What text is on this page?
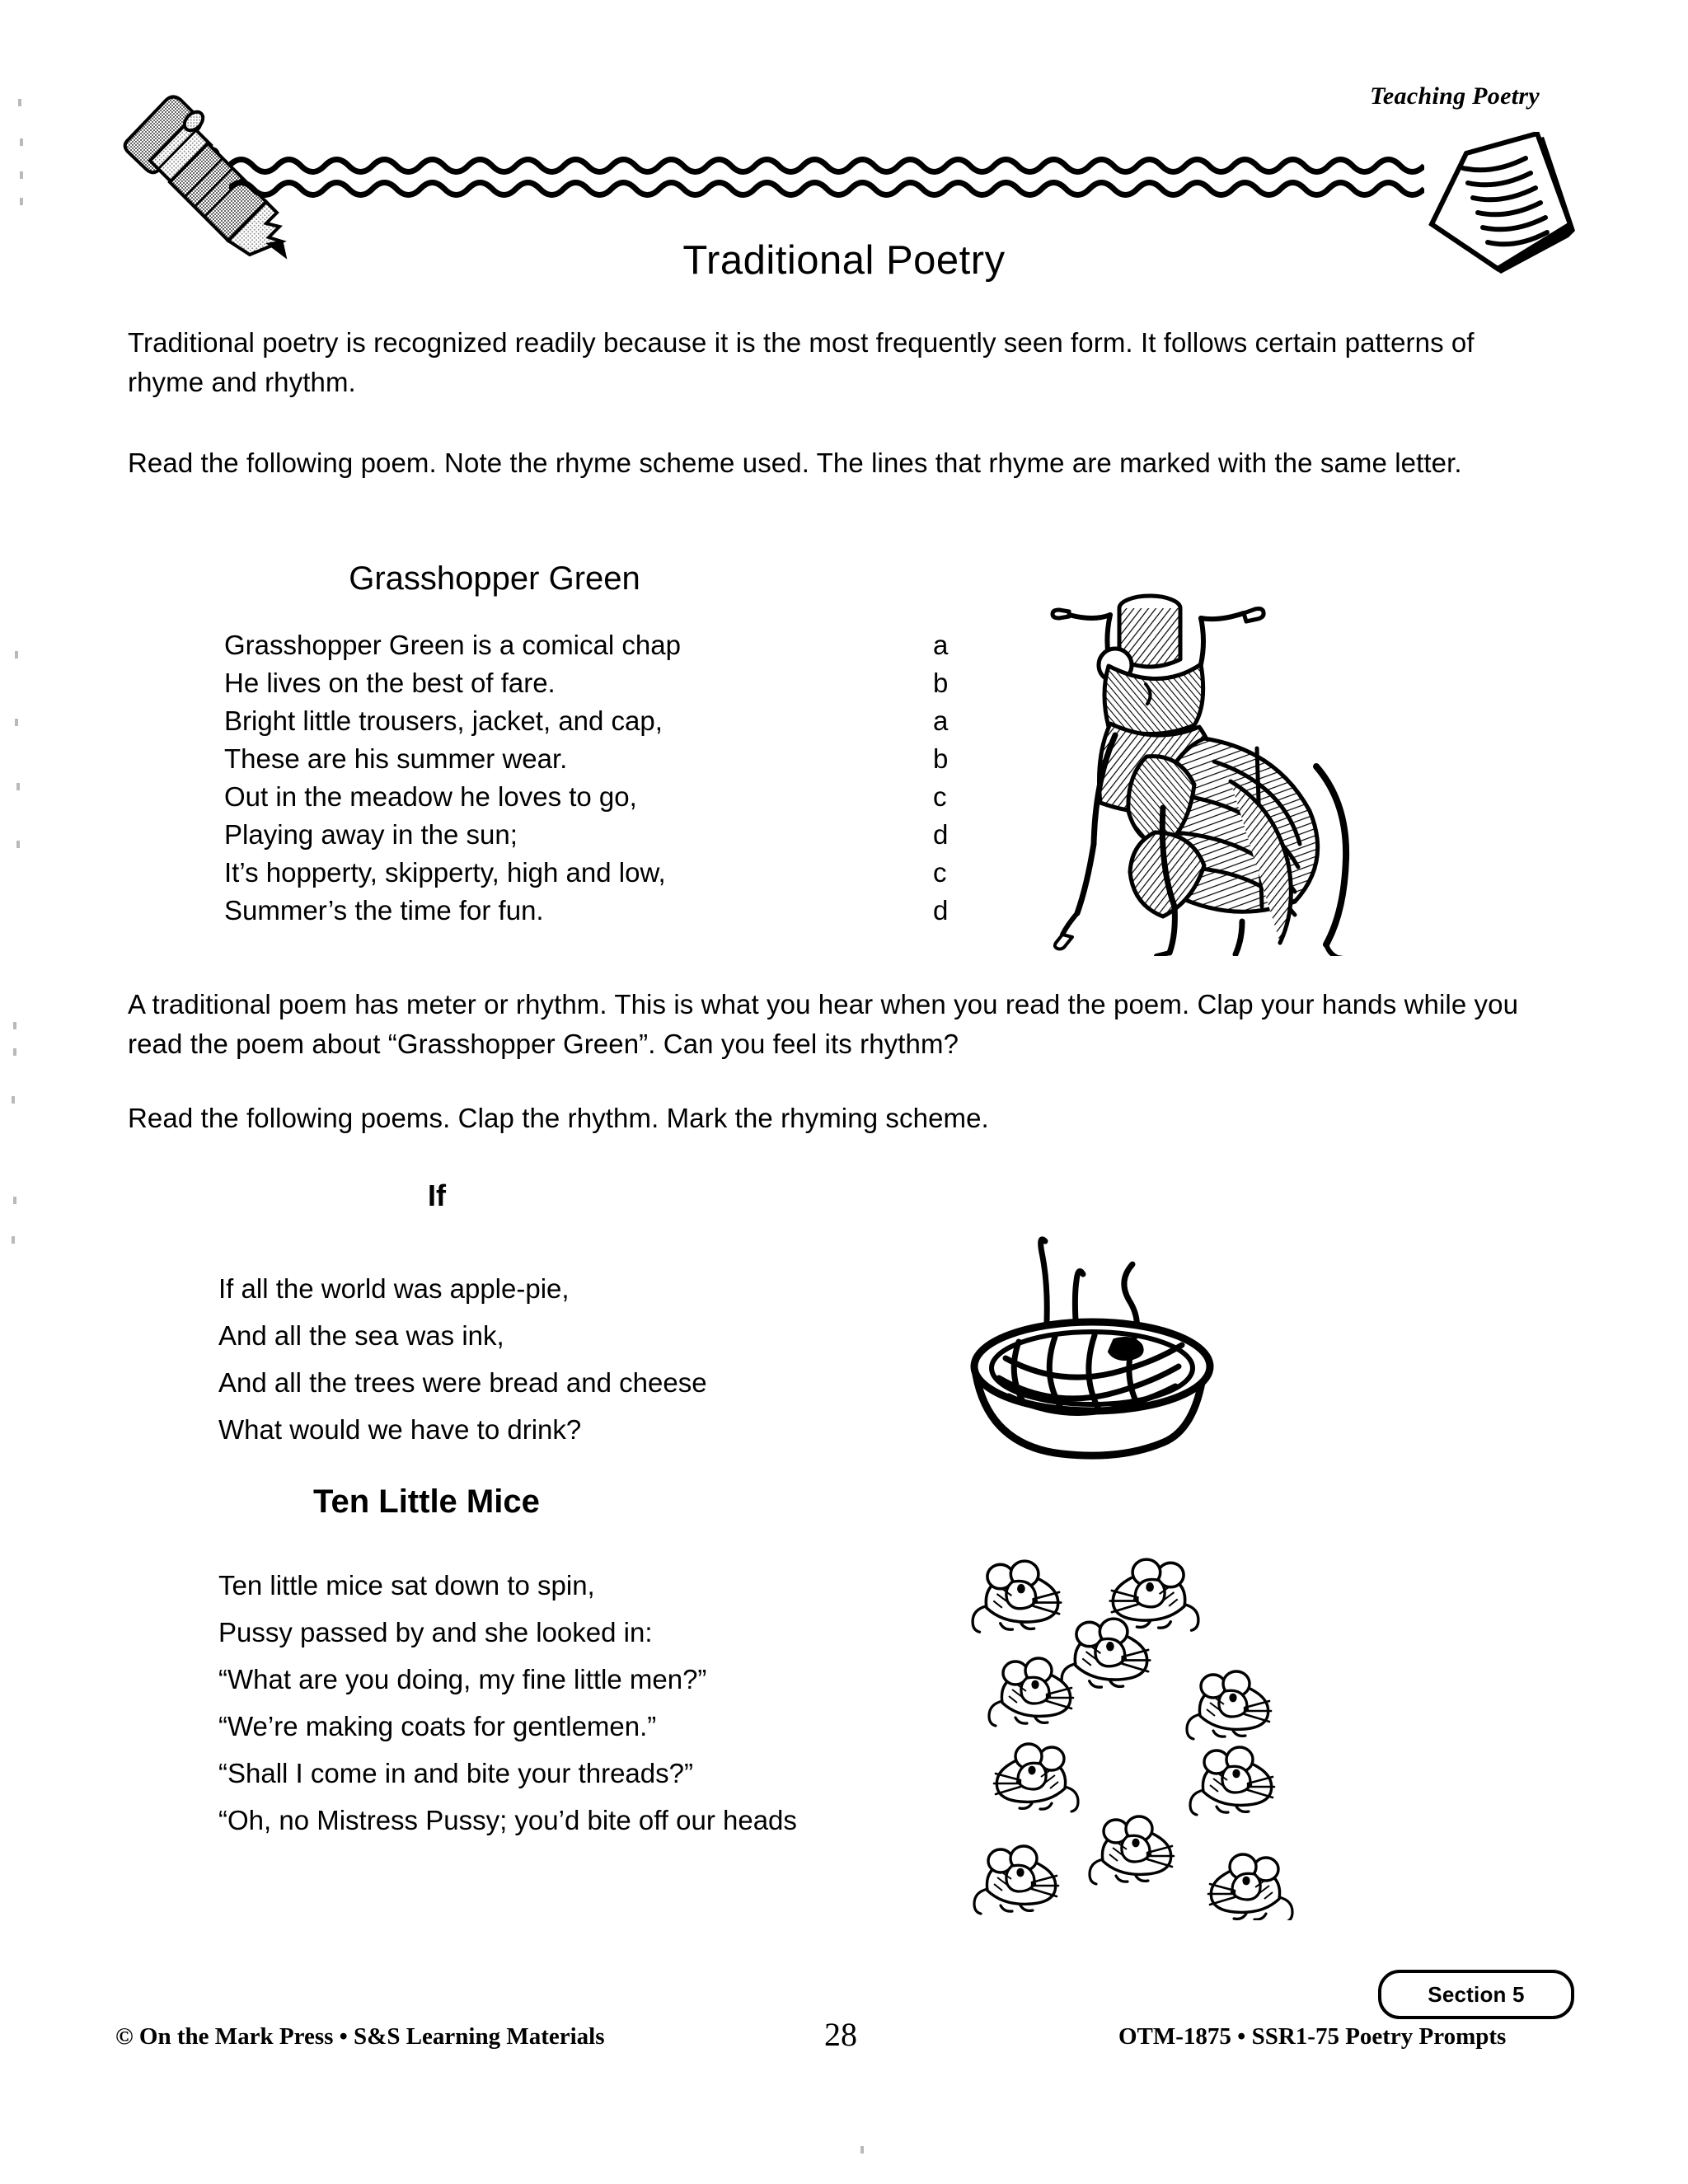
Teaching Poetry
Traditional Poetry
Traditional poetry is recognized readily because it is the most frequently seen form. It follows certain patterns of rhyme and rhythm.
Read the following poem. Note the rhyme scheme used. The lines that rhyme are marked with the same letter.
Grasshopper Green
Grasshopper Green is a comical chap	a
He lives on the best of fare.	b
Bright little trousers, jacket, and cap,	a
These are his summer wear.	b
Out in the meadow he loves to go,	c
Playing away in the sun;	d
It’s hopperty, skipperty, high and low,	c
Summer’s the time for fun.	d
A traditional poem has meter or rhythm. This is what you hear when you read the poem. Clap your hands while you read the poem about “Grasshopper Green”. Can you feel its rhythm?
Read the following poems. Clap the rhythm. Mark the rhyming scheme.
If
If all the world was apple-pie,
And all the sea was ink,
And all the trees were bread and cheese
What would we have to drink?
Ten Little Mice
Ten little mice sat down to spin,
Pussy passed by and she looked in:
“What are you doing, my fine little men?”
“We’re making coats for gentlemen.”
“Shall I come in and bite your threads?”
“Oh, no Mistress Pussy; you’d bite off our heads
Section 5
© On the Mark Press • S&S Learning Materials	28	OTM-1875 • SSR1-75 Poetry Prompts
